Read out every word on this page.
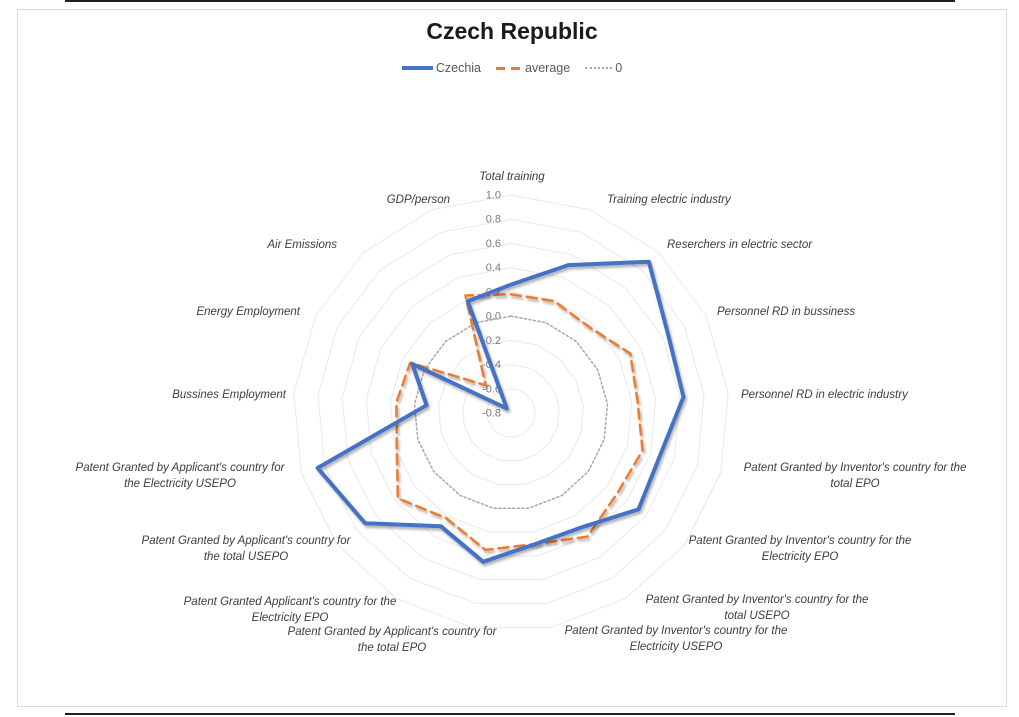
Czech Republic
Czechia	average	0
1.0
0.8
0.6
0.4
0.2
0.0
-0.2
-0.4
-0.6
-0.8
Total training
Training electric industry
Reserchers in electric sector
Personnel RD in bussiness
Personnel RD in electric industry
Patent Granted by Inventor's country for the
total EPO
Patent Granted by Inventor's country for the
Electricity EPO
Patent Granted by Inventor's country for the
total USEPO
Patent Granted by Inventor's country for the
Electricity USEPO
Patent Granted by Applicant's country for
the total EPO
Patent Granted Applicant's country for the
Electricity EPO
Patent Granted by Applicant's country for
the total USEPO
Patent Granted by Applicant's country for
the Electricity USEPO
Bussines Employment
Energy Employment
Air Emissions
GDP/person
